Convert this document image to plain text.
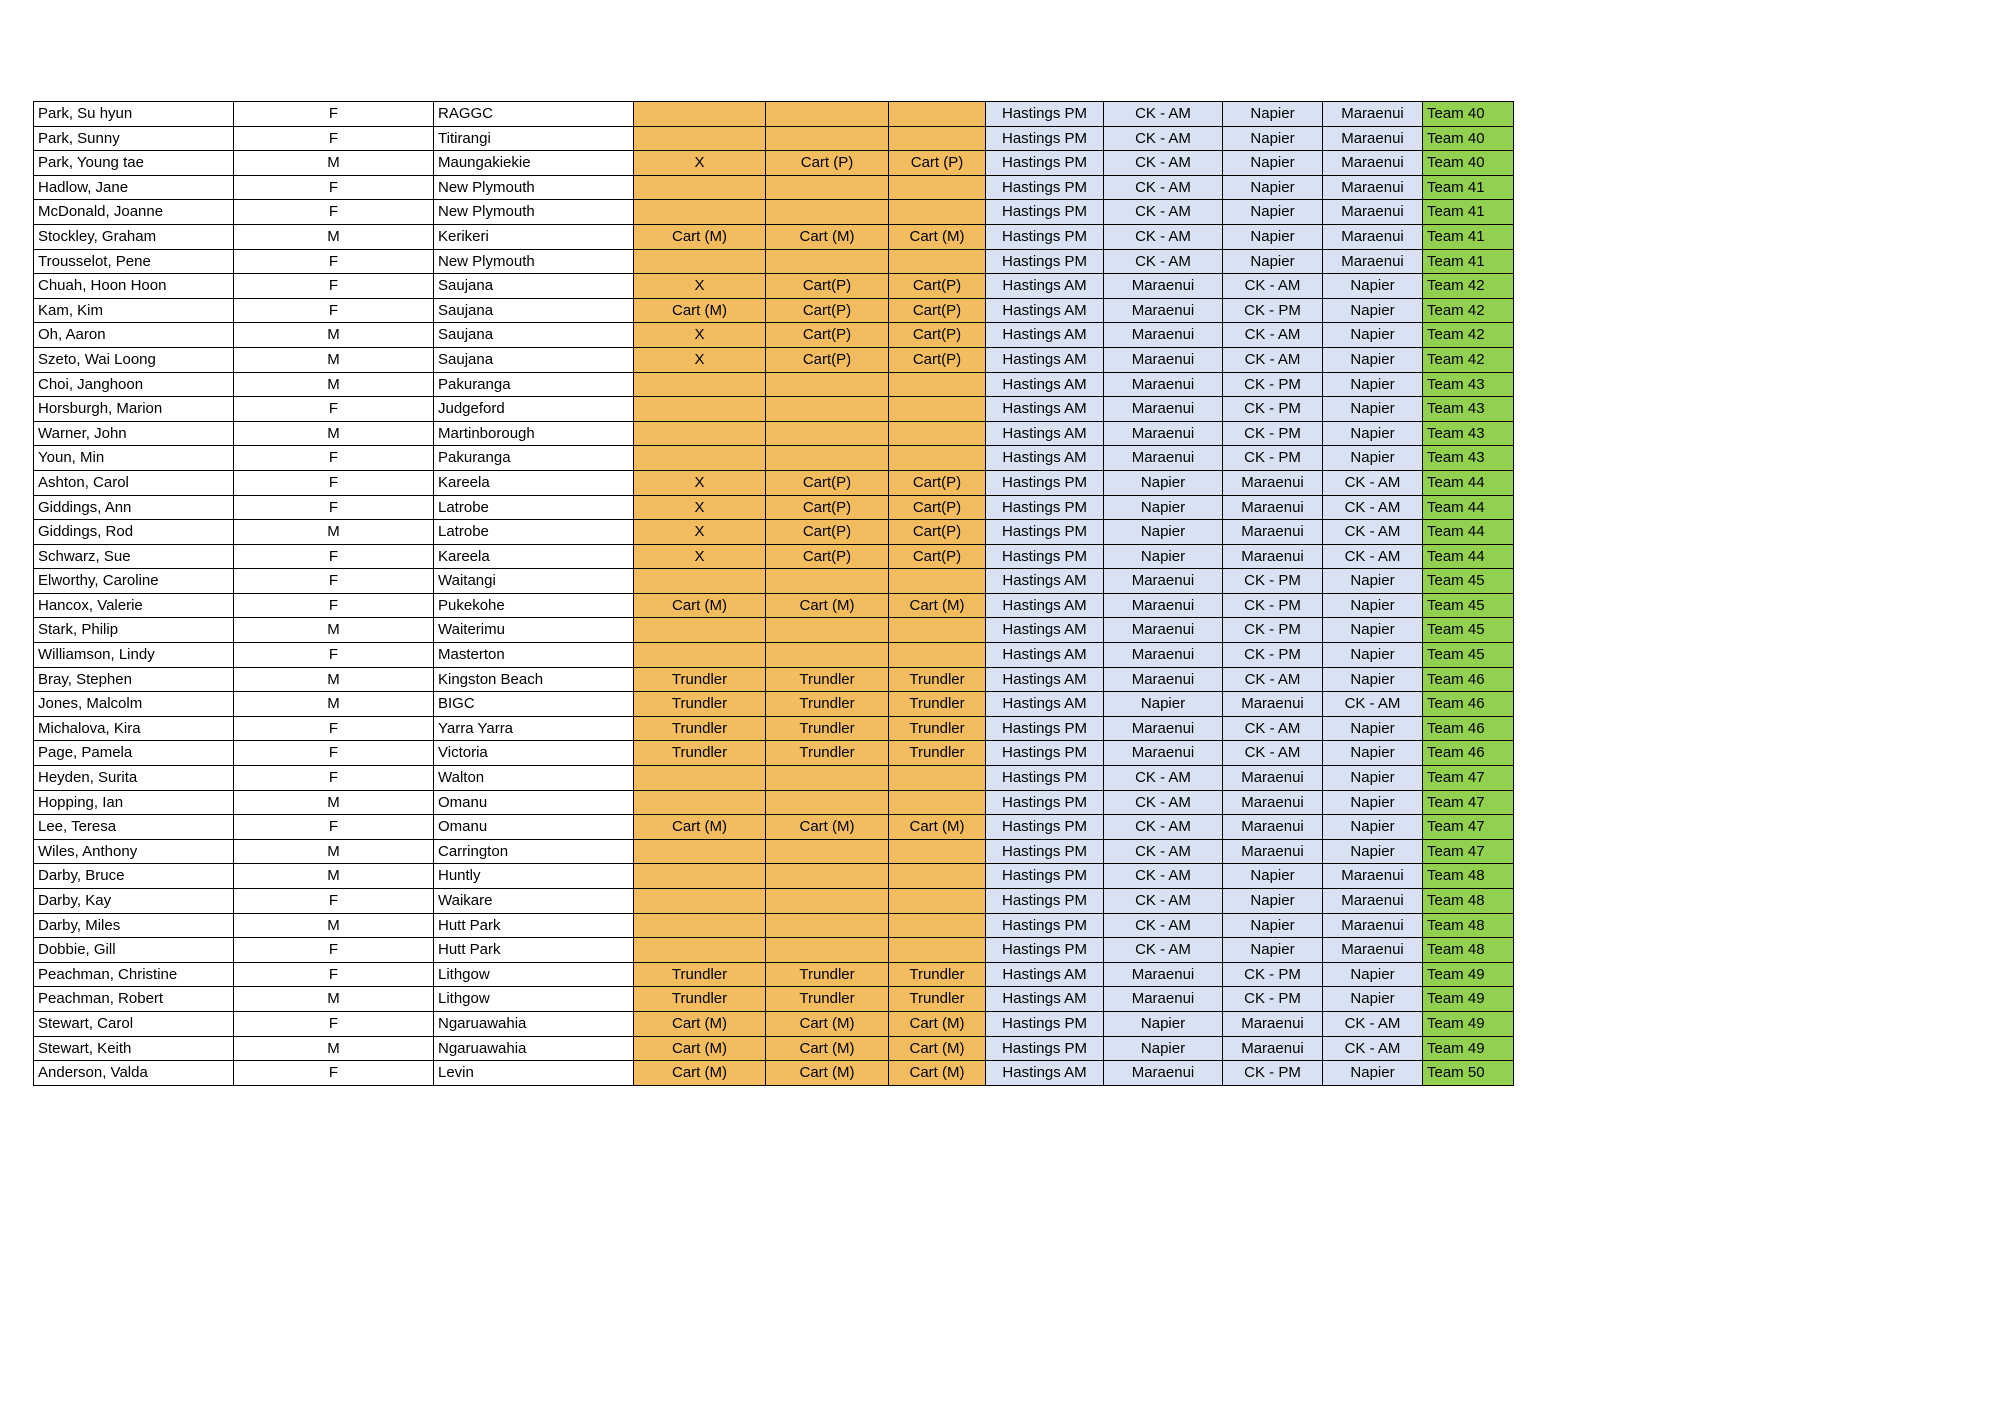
Park, Su hyun	F	RAGGC				Hastings PM	CK - AM	Napier	Maraenui	Team 40
Park, Sunny	F	Titirangi				Hastings PM	CK - AM	Napier	Maraenui	Team 40
Park, Young tae	M	Maungakiekie	X	Cart (P)	Cart (P)	Hastings PM	CK - AM	Napier	Maraenui	Team 40
Hadlow, Jane	F	New Plymouth				Hastings PM	CK - AM	Napier	Maraenui	Team 41
McDonald, Joanne	F	New Plymouth				Hastings PM	CK - AM	Napier	Maraenui	Team 41
Stockley, Graham	M	Kerikeri	Cart (M)	Cart (M)	Cart (M)	Hastings PM	CK - AM	Napier	Maraenui	Team 41
Trousselot, Pene	F	New Plymouth				Hastings PM	CK - AM	Napier	Maraenui	Team 41
Chuah, Hoon Hoon	F	Saujana	X	Cart(P)	Cart(P)	Hastings AM	Maraenui	CK - AM	Napier	Team 42
Kam, Kim	F	Saujana	Cart (M)	Cart(P)	Cart(P)	Hastings AM	Maraenui	CK - PM	Napier	Team 42
Oh, Aaron	M	Saujana	X	Cart(P)	Cart(P)	Hastings AM	Maraenui	CK - AM	Napier	Team 42
Szeto, Wai Loong	M	Saujana	X	Cart(P)	Cart(P)	Hastings AM	Maraenui	CK - AM	Napier	Team 42
Choi, Janghoon	M	Pakuranga				Hastings AM	Maraenui	CK - PM	Napier	Team 43
Horsburgh, Marion	F	Judgeford				Hastings AM	Maraenui	CK - PM	Napier	Team 43
Warner, John	M	Martinborough				Hastings AM	Maraenui	CK - PM	Napier	Team 43
Youn, Min	F	Pakuranga				Hastings AM	Maraenui	CK - PM	Napier	Team 43
Ashton, Carol	F	Kareela	X	Cart(P)	Cart(P)	Hastings PM	Napier	Maraenui	CK - AM	Team 44
Giddings, Ann	F	Latrobe	X	Cart(P)	Cart(P)	Hastings PM	Napier	Maraenui	CK - AM	Team 44
Giddings, Rod	M	Latrobe	X	Cart(P)	Cart(P)	Hastings PM	Napier	Maraenui	CK - AM	Team 44
Schwarz, Sue	F	Kareela	X	Cart(P)	Cart(P)	Hastings PM	Napier	Maraenui	CK - AM	Team 44
Elworthy, Caroline	F	Waitangi				Hastings AM	Maraenui	CK - PM	Napier	Team 45
Hancox, Valerie	F	Pukekohe	Cart (M)	Cart (M)	Cart (M)	Hastings AM	Maraenui	CK - PM	Napier	Team 45
Stark, Philip	M	Waiterimu				Hastings AM	Maraenui	CK - PM	Napier	Team 45
Williamson, Lindy	F	Masterton				Hastings AM	Maraenui	CK - PM	Napier	Team 45
Bray, Stephen	M	Kingston Beach	Trundler	Trundler	Trundler	Hastings AM	Maraenui	CK - AM	Napier	Team 46
Jones, Malcolm	M	BIGC	Trundler	Trundler	Trundler	Hastings AM	Napier	Maraenui	CK - AM	Team 46
Michalova, Kira	F	Yarra Yarra	Trundler	Trundler	Trundler	Hastings PM	Maraenui	CK - AM	Napier	Team 46
Page, Pamela	F	Victoria	Trundler	Trundler	Trundler	Hastings PM	Maraenui	CK - AM	Napier	Team 46
Heyden, Surita	F	Walton				Hastings PM	CK - AM	Maraenui	Napier	Team 47
Hopping, Ian	M	Omanu				Hastings PM	CK - AM	Maraenui	Napier	Team 47
Lee, Teresa	F	Omanu	Cart (M)	Cart (M)	Cart (M)	Hastings PM	CK - AM	Maraenui	Napier	Team 47
Wiles, Anthony	M	Carrington				Hastings PM	CK - AM	Maraenui	Napier	Team 47
Darby, Bruce	M	Huntly				Hastings PM	CK - AM	Napier	Maraenui	Team 48
Darby, Kay	F	Waikare				Hastings PM	CK - AM	Napier	Maraenui	Team 48
Darby, Miles	M	Hutt Park				Hastings PM	CK - AM	Napier	Maraenui	Team 48
Dobbie, Gill	F	Hutt Park				Hastings PM	CK - AM	Napier	Maraenui	Team 48
Peachman, Christine	F	Lithgow	Trundler	Trundler	Trundler	Hastings AM	Maraenui	CK - PM	Napier	Team 49
Peachman, Robert	M	Lithgow	Trundler	Trundler	Trundler	Hastings AM	Maraenui	CK - PM	Napier	Team 49
Stewart, Carol	F	Ngaruawahia	Cart (M)	Cart (M)	Cart (M)	Hastings PM	Napier	Maraenui	CK - AM	Team 49
Stewart, Keith	M	Ngaruawahia	Cart (M)	Cart (M)	Cart (M)	Hastings PM	Napier	Maraenui	CK - AM	Team 49
Anderson, Valda	F	Levin	Cart (M)	Cart (M)	Cart (M)	Hastings AM	Maraenui	CK - PM	Napier	Team 50
